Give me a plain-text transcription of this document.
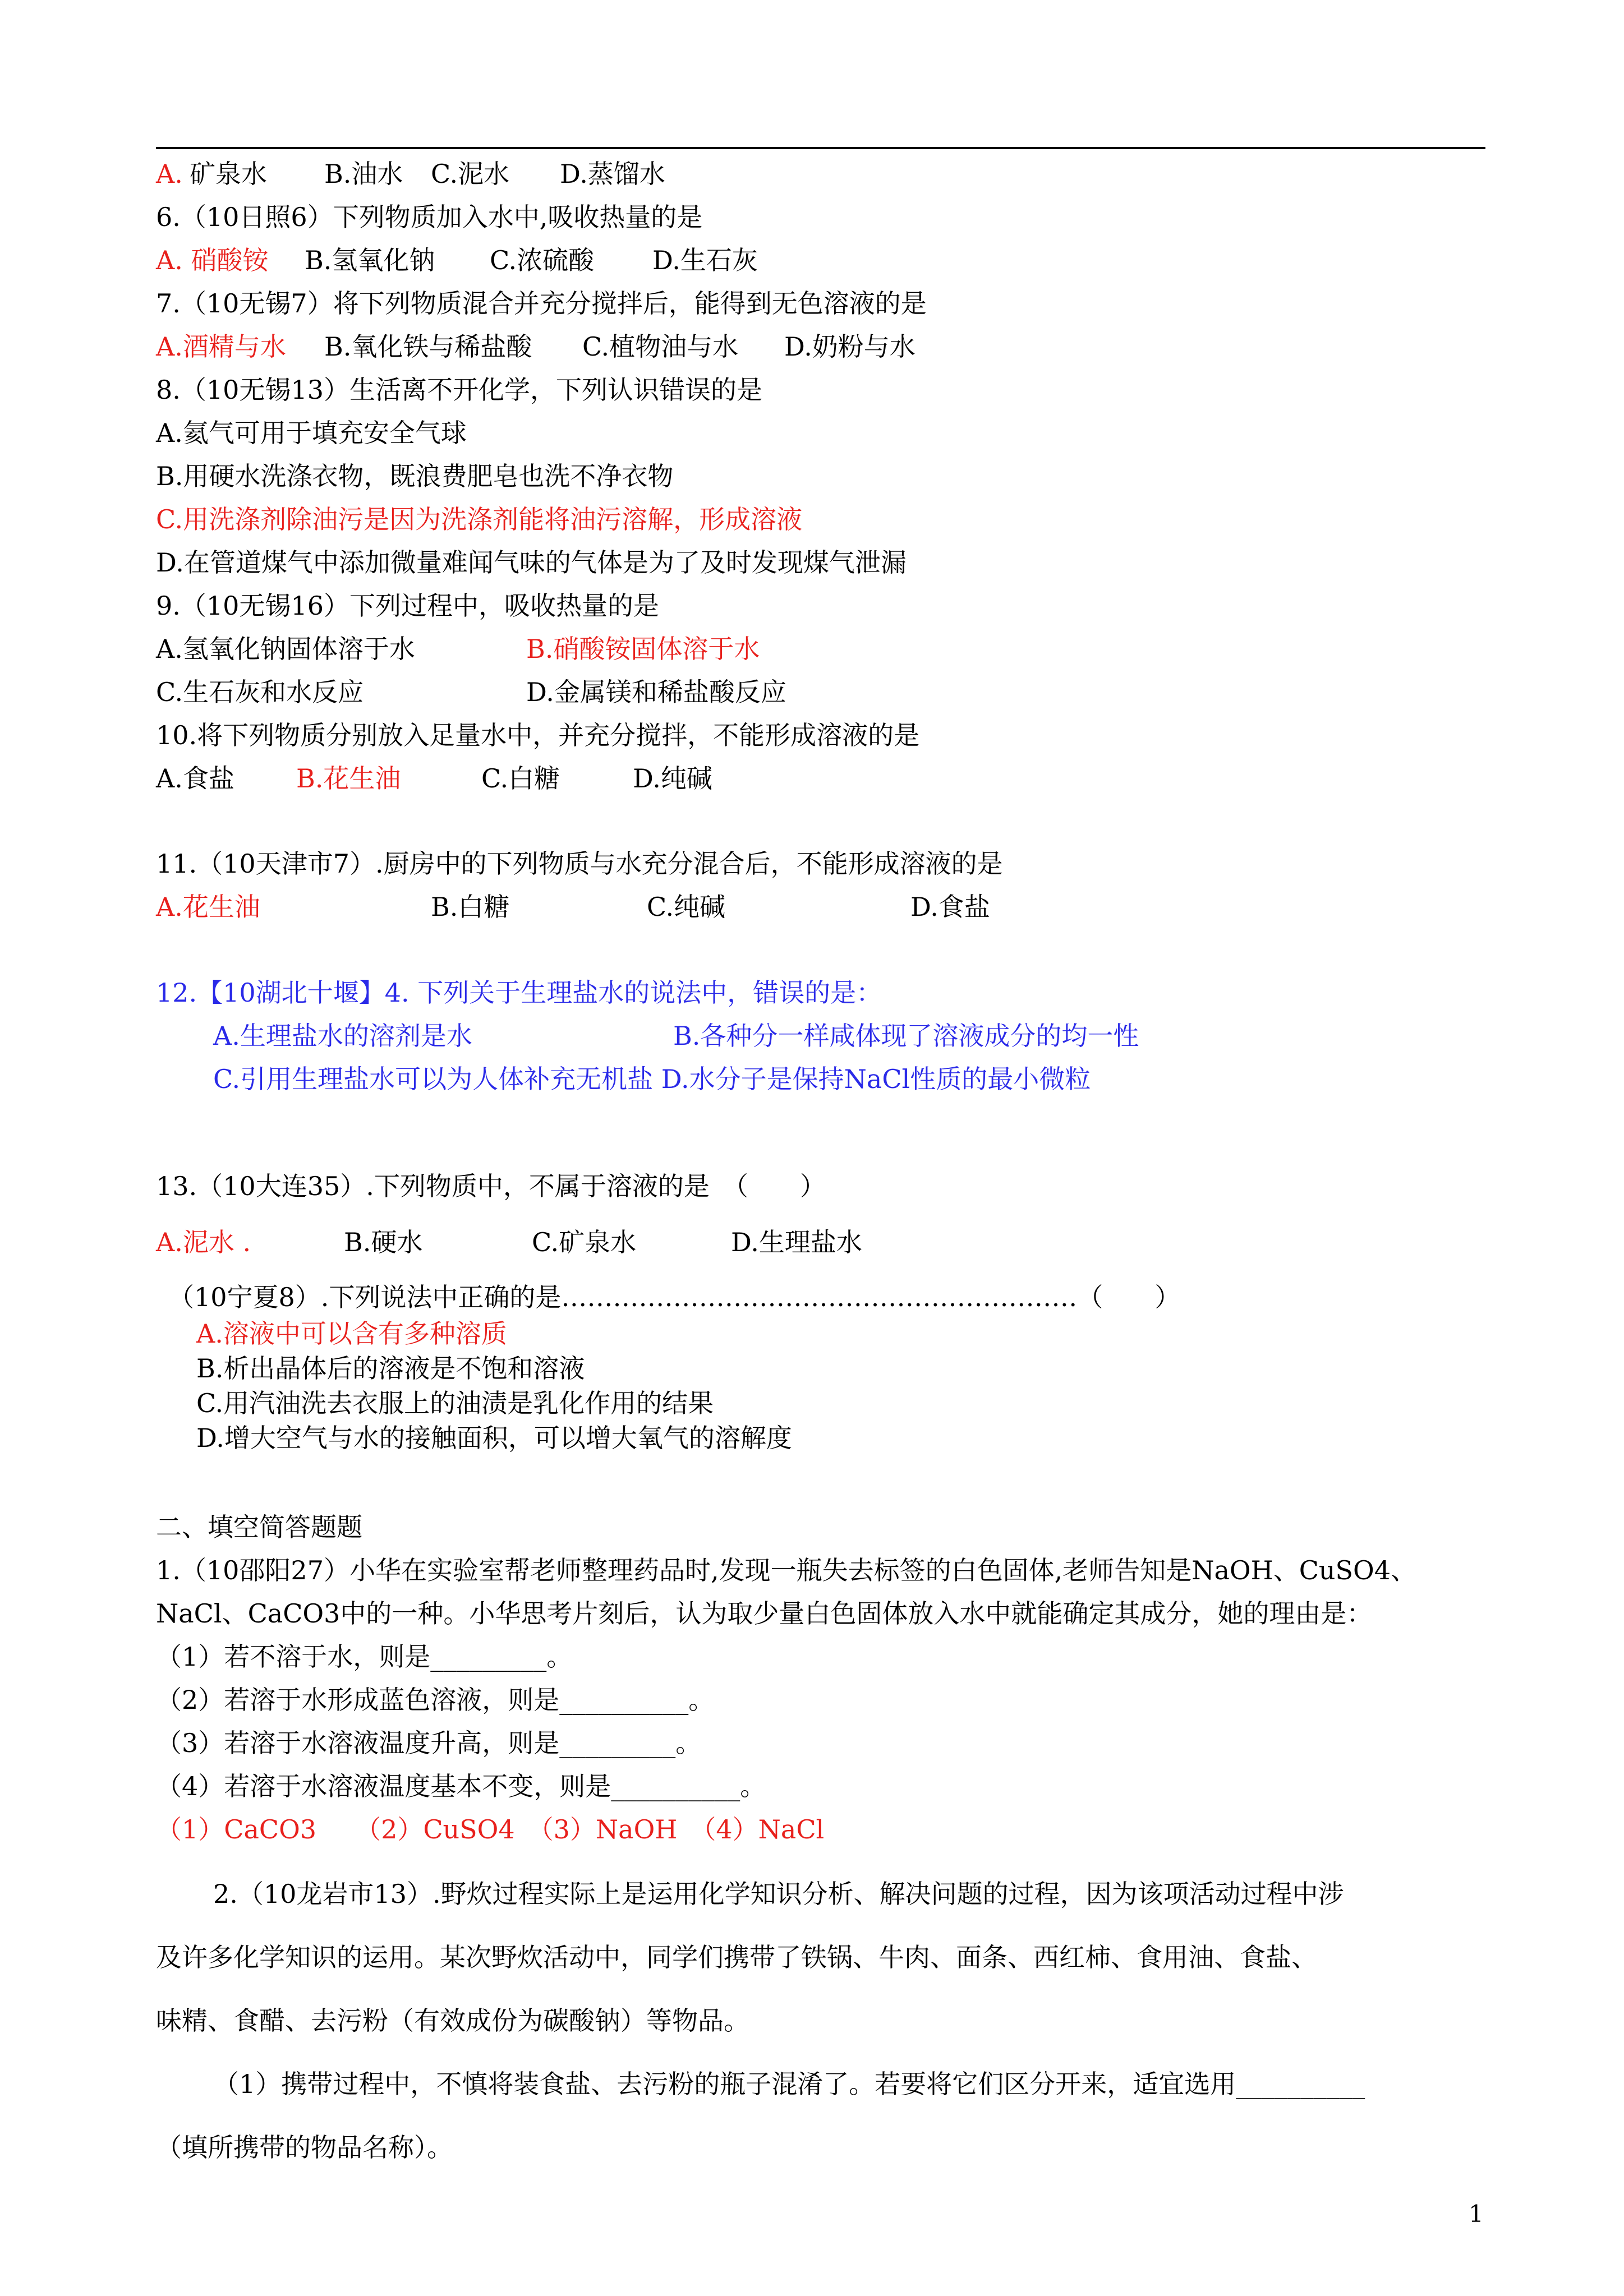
A. 矿泉水 B.油水 C.泥水 D.蒸馏水
6.（10日照6）下列物质加入水中,吸收热量的是
A. 硝酸铵 B.氢氧化钠 C.浓硫酸 D.生石灰
7.（10无锡7）将下列物质混合并充分搅拌后，能得到无色溶液的是
A.酒精与水 B.氧化铁与稀盐酸 C.植物油与水 D.奶粉与水
8.（10无锡13）生活离不开化学，下列认识错误的是
A.氦气可用于填充安全气球
B.用硬水洗涤衣物，既浪费肥皂也洗不净衣物
C.用洗涤剂除油污是因为洗涤剂能将油污溶解，形成溶液
D.在管道煤气中添加微量难闻气味的气体是为了及时发现煤气泄漏
9.（10无锡16）下列过程中，吸收热量的是
A.氢氧化钠固体溶于水	B.硝酸铵固体溶于水
C.生石灰和水反应	D.金属镁和稀盐酸反应
10.将下列物质分别放入足量水中，并充分搅拌，不能形成溶液的是
A.食盐 B.花生油	C.白糖	D.纯碱
11.（10天津市7）.厨房中的下列物质与水充分混合后，不能形成溶液的是
A.花生油	B.白糖	C.纯碱	D.食盐
12.【10湖北十堰】4. 下列关于生理盐水的说法中，错误的是：
A.生理盐水的溶剂是水	B.各种分一样咸体现了溶液成分的均一性
C.引用生理盐水可以为人体补充无机盐 D.水分子是保持NaCl性质的最小微粒
13.（10大连35）.下列物质中，不属于溶液的是　（　　）
A.泥水 .	B.硬水	C.矿泉水	D.生理盐水
（10宁夏8）.下列说法中正确的是……………………………………………………（　　）
A.溶液中可以含有多种溶质
B.析出晶体后的溶液是不饱和溶液
C.用汽油洗去衣服上的油渍是乳化作用的结果
D.增大空气与水的接触面积，可以增大氧气的溶解度
二、填空简答题题
1.（10邵阳27）小华在实验室帮老师整理药品时,发现一瓶失去标签的白色固体,老师告知是NaOH、CuSO4、
NaCl、CaCO3中的一种。小华思考片刻后，认为取少量白色固体放入水中就能确定其成分，她的理由是：
（1）若不溶于水，则是_________。
（2）若溶于水形成蓝色溶液，则是__________。
（3）若溶于水溶液温度升高，则是_________。
（4）若溶于水溶液温度基本不变，则是__________。
（1）CaCO3　　（2）CuSO4　（3）NaOH　（4）NaCl
2.（10龙岩市13）.野炊过程实际上是运用化学知识分析、解决问题的过程，因为该项活动过程中涉
及许多化学知识的运用。某次野炊活动中，同学们携带了铁锅、牛肉、面条、西红柿、食用油、食盐、
味精、食醋、去污粉（有效成份为碳酸钠）等物品。
（1）携带过程中，不慎将装食盐、去污粉的瓶子混淆了。若要将它们区分开来，适宜选用__________
（填所携带的物品名称）。
1
